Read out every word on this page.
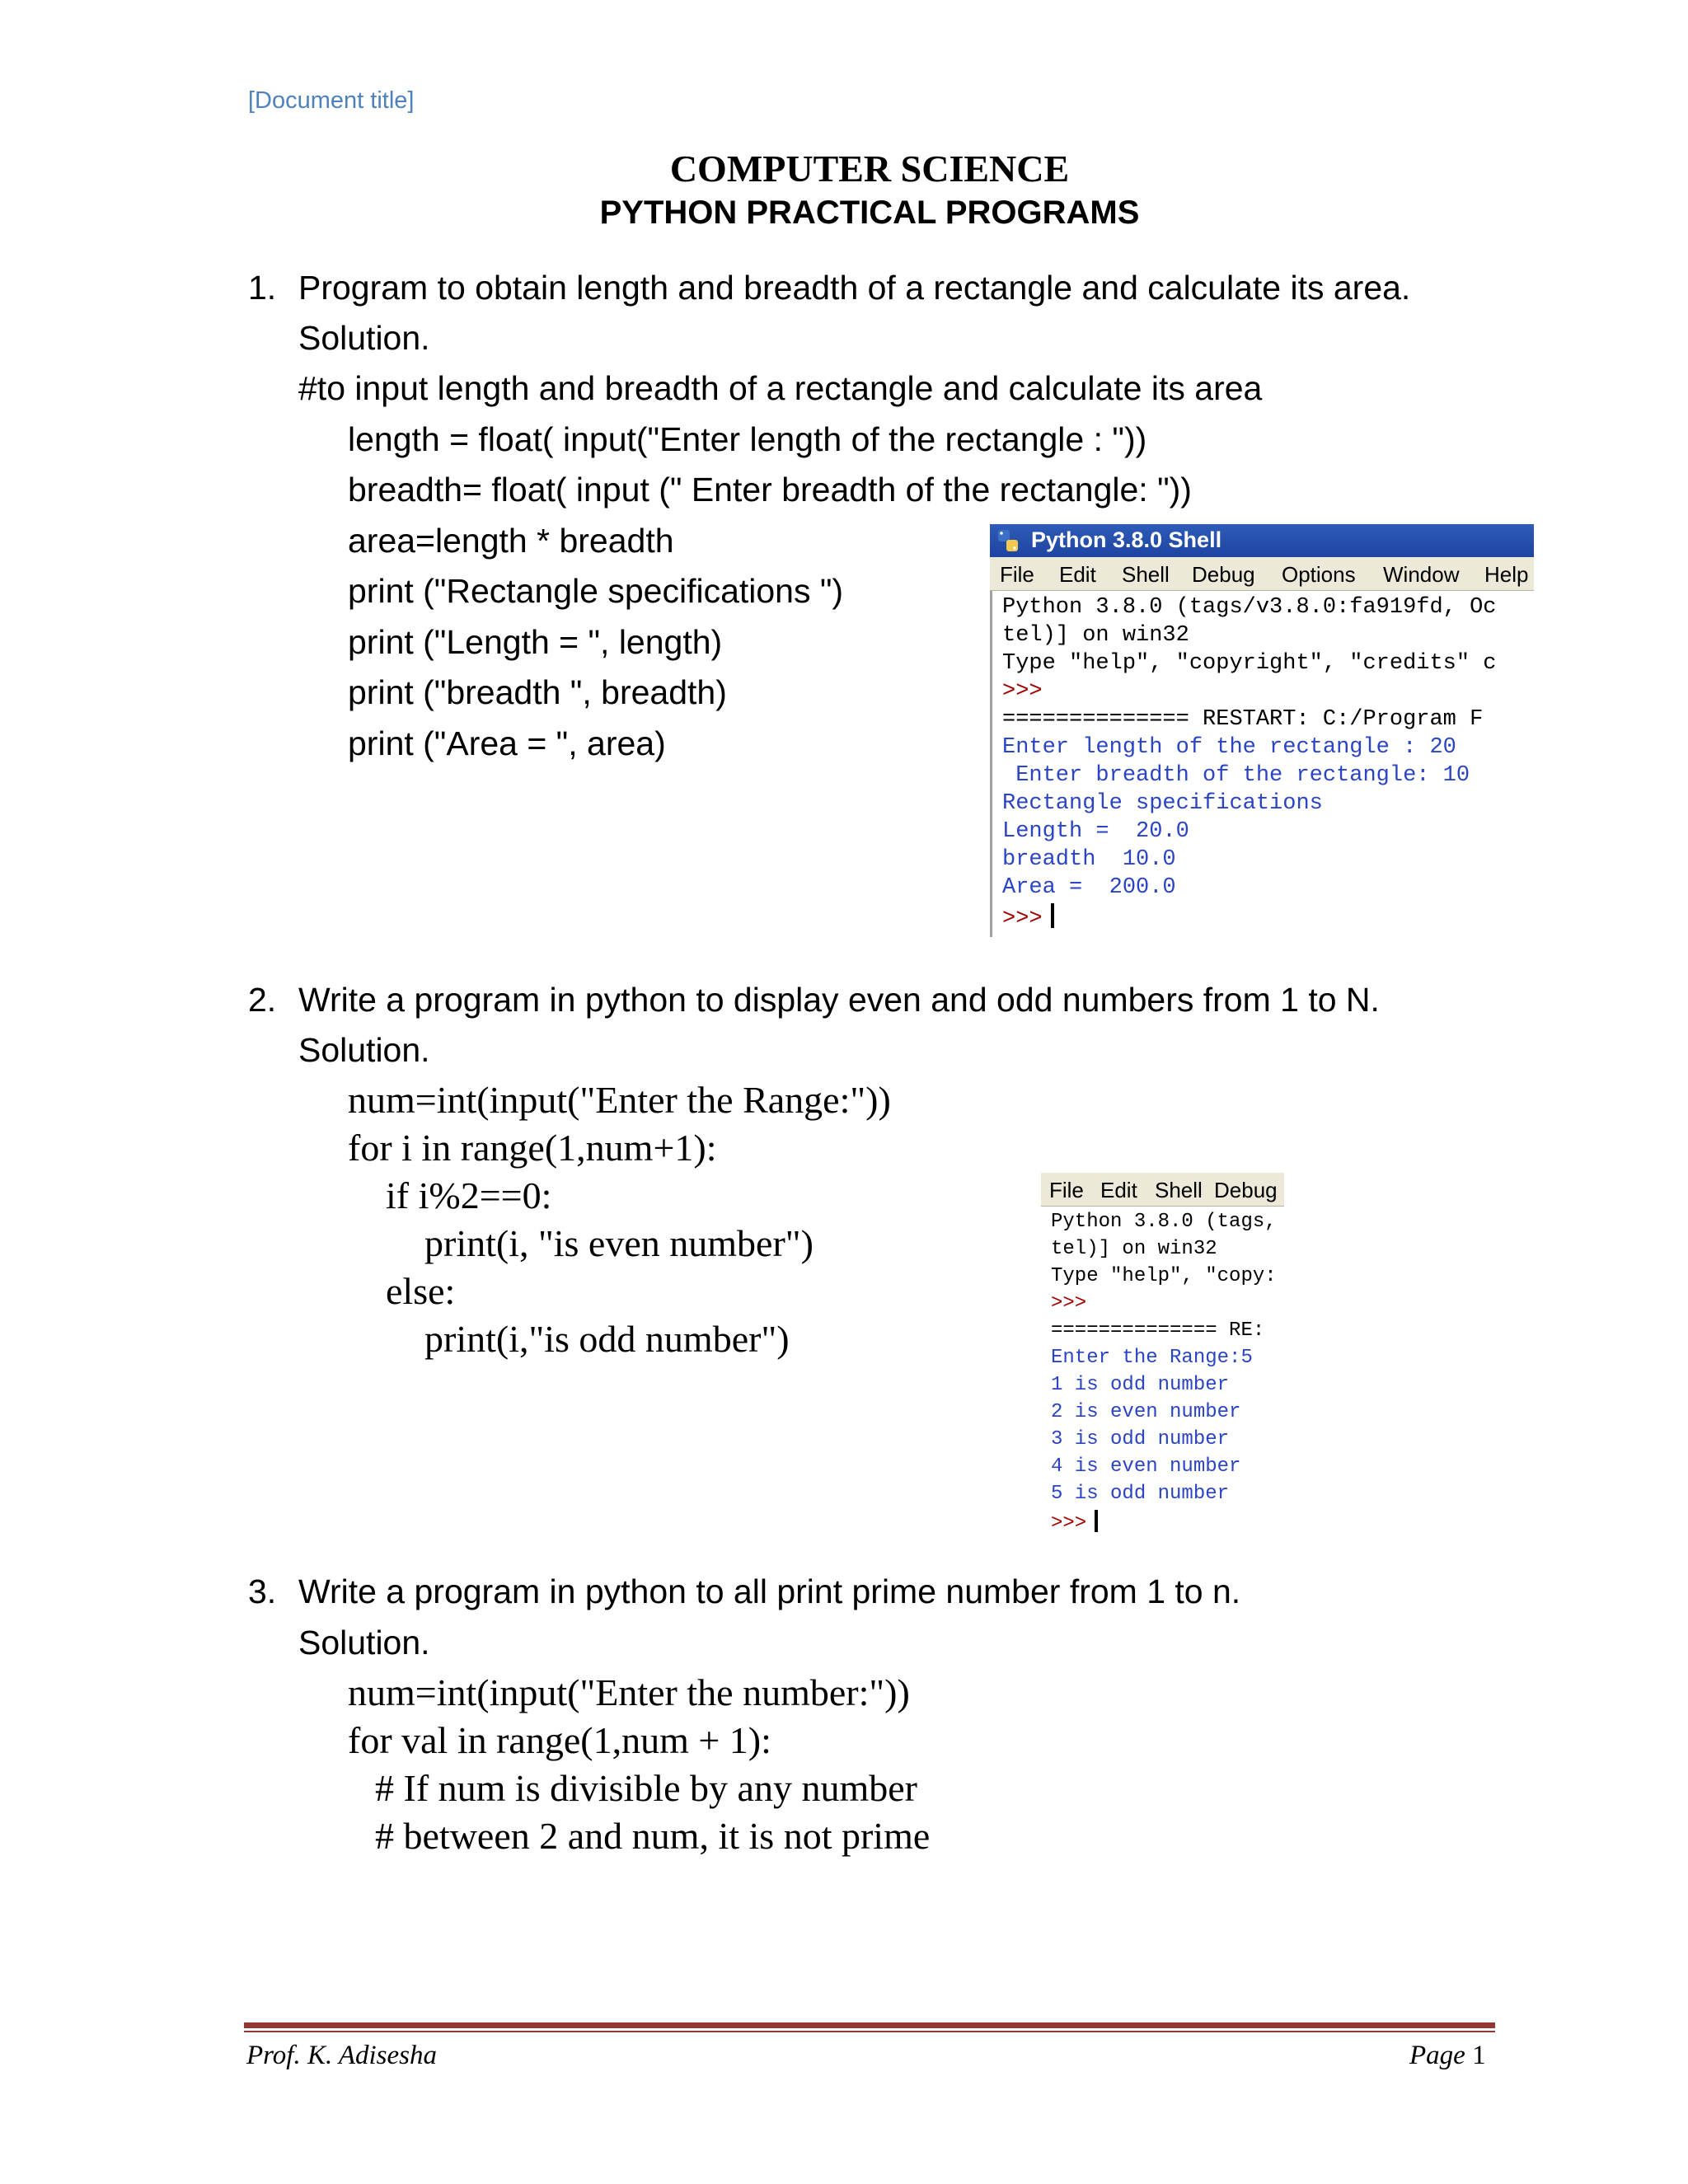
[Document title]
COMPUTER SCIENCE
PYTHON PRACTICAL PROGRAMS
1. Program to obtain length and breadth of a rectangle and calculate its area.
Solution.
#to input length and breadth of a rectangle and calculate its area
length = float( input("Enter length of the rectangle : "))
breadth= float( input (" Enter breadth of the rectangle: "))
area=length * breadth
print ("Rectangle specifications ")
print ("Length = ", length)
print ("breadth ", breadth)
print ("Area = ", area)
Python 3.8.0 Shell
File Edit Shell Debug Options Window Help
Python 3.8.0 (tags/v3.8.0:fa919fd, Oc
tel)] on win32
Type "help", "copyright", "credits" c
>>>
============== RESTART: C:/Program F
Enter length of the rectangle : 20
Enter breadth of the rectangle: 10
Rectangle specifications
Length =  20.0
breadth  10.0
Area =  200.0
>>>
2. Write a program in python to display even and odd numbers from 1 to N.
Solution.
num=int(input("Enter the Range:"))
for i in range(1,num+1):
if i%2==0:
print(i, "is even number")
else:
print(i,"is odd number")
File Edit Shell Debug
Python 3.8.0 (tags,
tel)] on win32
Type "help", "copy:
>>>
============== RE:
Enter the Range:5
1 is odd number
2 is even number
3 is odd number
4 is even number
5 is odd number
>>>
3. Write a program in python to all print prime number from 1 to n.
Solution.
num=int(input("Enter the number:"))
for val in range(1,num + 1):
# If num is divisible by any number
# between 2 and num, it is not prime
Prof. K. Adisesha	Page 1
